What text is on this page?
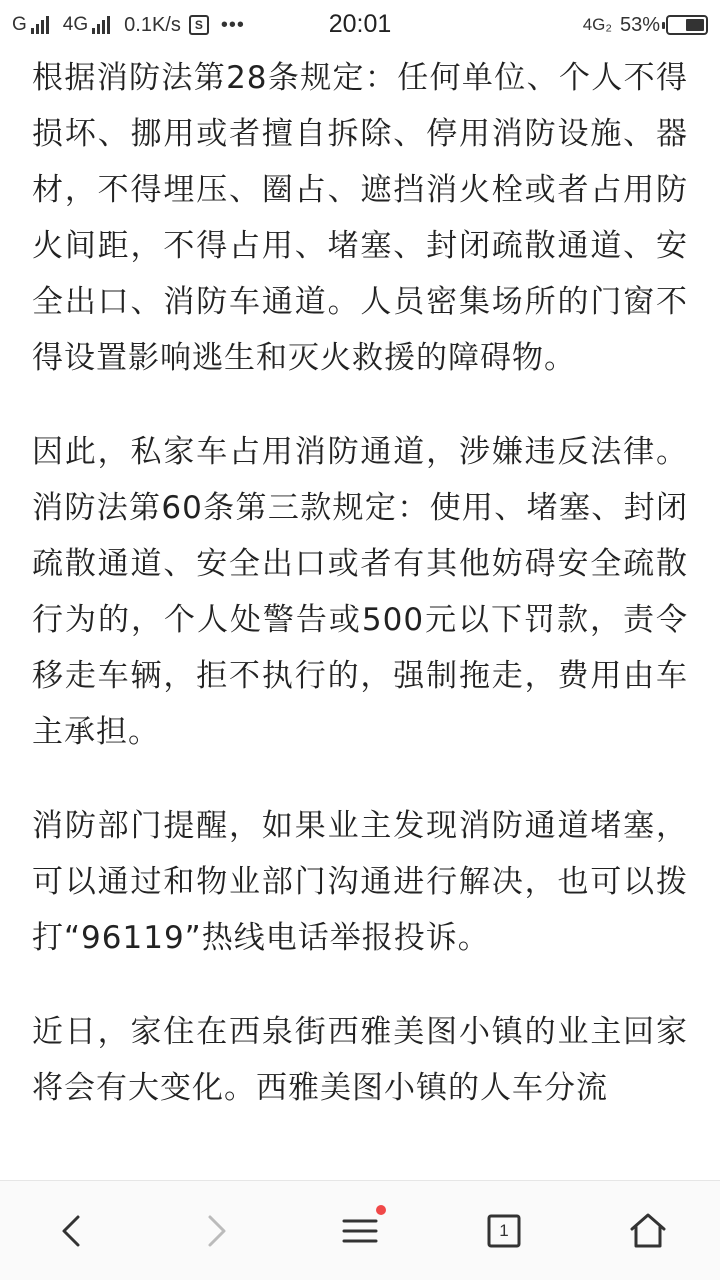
G 4G 0.1K/s	S •••	20:01	4G₂ 53%

根据消防法第28条规定：任何单位、个人不得损坏、挪用或者擅自拆除、停用消防设施、器材，不得埋压、圈占、遮挡消火栓或者占用防火间距，不得占用、堵塞、封闭疏散通道、安全出口、消防车通道。人员密集场所的门窗不得设置影响逃生和灭火救援的障碍物。

因此，私家车占用消防通道，涉嫌违反法律。消防法第60条第三款规定：使用、堵塞、封闭疏散通道、安全出口或者有其他妨碍安全疏散行为的，个人处警告或500元以下罚款，责令移走车辆，拒不执行的，强制拖走，费用由车主承担。

消防部门提醒，如果业主发现消防通道堵塞，可以通过和物业部门沟通进行解决，也可以拨打“96119”热线电话举报投诉。

近日，家住在西泉街西雅美图小镇的业主回家将会有大变化。西雅美图小镇的人车分流

1
